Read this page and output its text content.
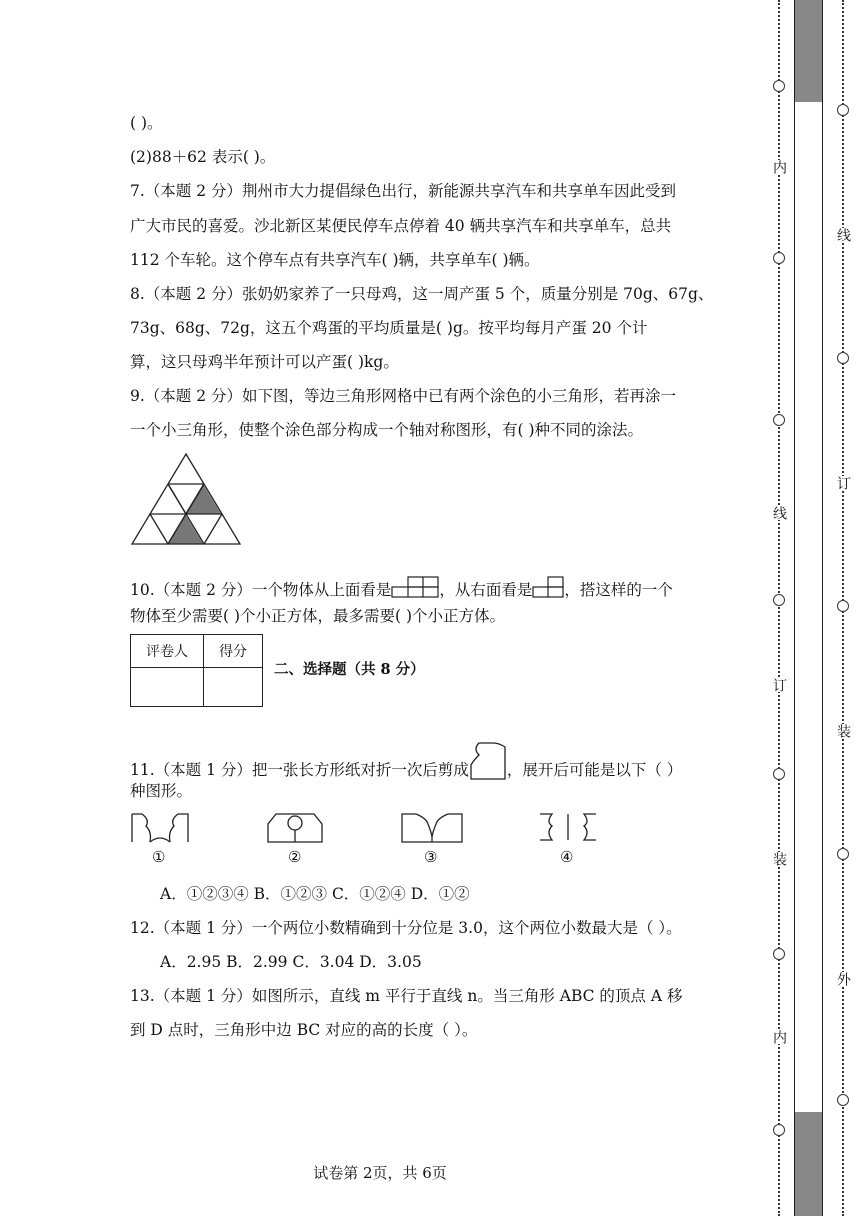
( )。
(2)88＋62 表示( )。
7.（本题 2 分）荆州市大力提倡绿色出行，新能源共享汽车和共享单车因此受到
广大市民的喜爱。沙北新区某便民停车点停着 40 辆共享汽车和共享单车，总共
112 个车轮。这个停车点有共享汽车( )辆，共享单车( )辆。
8.（本题 2 分）张奶奶家养了一只母鸡，这一周产蛋 5 个，质量分别是 70g、67g、
73g、68g、72g，这五个鸡蛋的平均质量是( )g。按平均每月产蛋 20 个计
算，这只母鸡半年预计可以产蛋( )kg。
9.（本题 2 分）如下图，等边三角形网格中已有两个涂色的小三角形，若再涂一
一个小三角形，使整个涂色部分构成一个轴对称图形，有( )种不同的涂法。
10.（本题 2 分）一个物体从上面看是	，从右面看是 ，搭这样的一个
物体至少需要( )个小正方体，最多需要( )个小正方体。
评卷人	得分

二、选择题（共 8 分）
11.（本题 1 分）把一张长方形纸对折一次后剪成 ，展开后可能是以下（ ）
种图形。
①	②	③	④
A．①②③④ B．①②③ C．①②④ D．①②
12.（本题 1 分）一个两位小数精确到十分位是 3.0，这个两位小数最大是（ ）。
A．2.95 B．2.99 C．3.04 D．3.05
13.（本题 1 分）如图所示，直线 m 平行于直线 n。当三角形 ABC 的顶点 A 移
到 D 点时，三角形中边 BC 对应的高的长度（ ）。
试卷第 2页，共 6页
内
线
订
装
内
线
订
装
外
